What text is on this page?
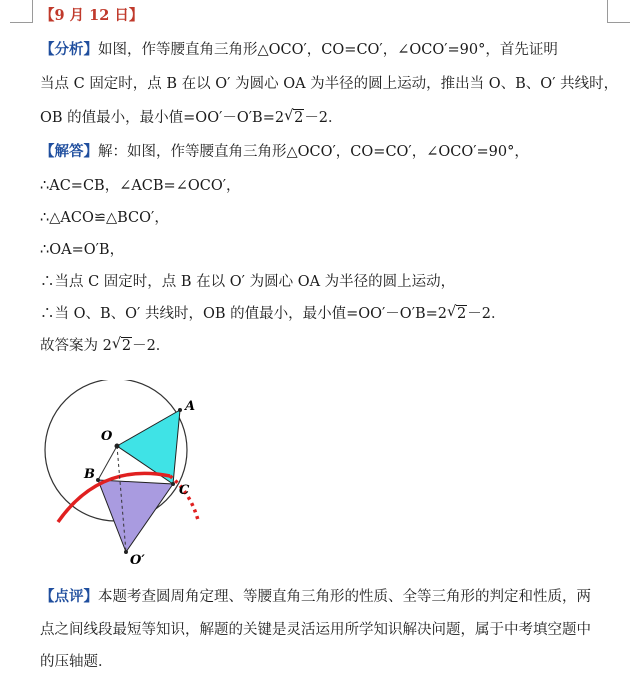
【9 月 12 日】
【分析】如图，作等腰直角三角形△OCO′，CO=CO′，∠OCO′=90°，首先证明
当点 C 固定时，点 B 在以 O′ 为圆心 OA 为半径的圆上运动，推出当 O、B、O′ 共线时，
OB 的值最小，最小值=OO′－O′B=2 √ 2－2．
【解答】解：如图，作等腰直角三角形△OCO′，CO=CO′，∠OCO′=90°，
∴AC=CB，∠ACB=∠OCO′，
∴△ACO≌△BCO′，
∴OA=O′B，
∴当点 C 固定时，点 B 在以 O′ 为圆心 OA 为半径的圆上运动，
∴当 O、B、O′ 共线时，OB 的值最小，最小值=OO′－O′B=2 √ 2－2．
故答案为 2 √ 2－2．
A
O
B
C
O′
【点评】本题考查圆周角定理、等腰直角三角形的性质、全等三角形的判定和性质，两
点之间线段最短等知识，解题的关键是灵活运用所学知识解决问题，属于中考填空题中
的压轴题．
